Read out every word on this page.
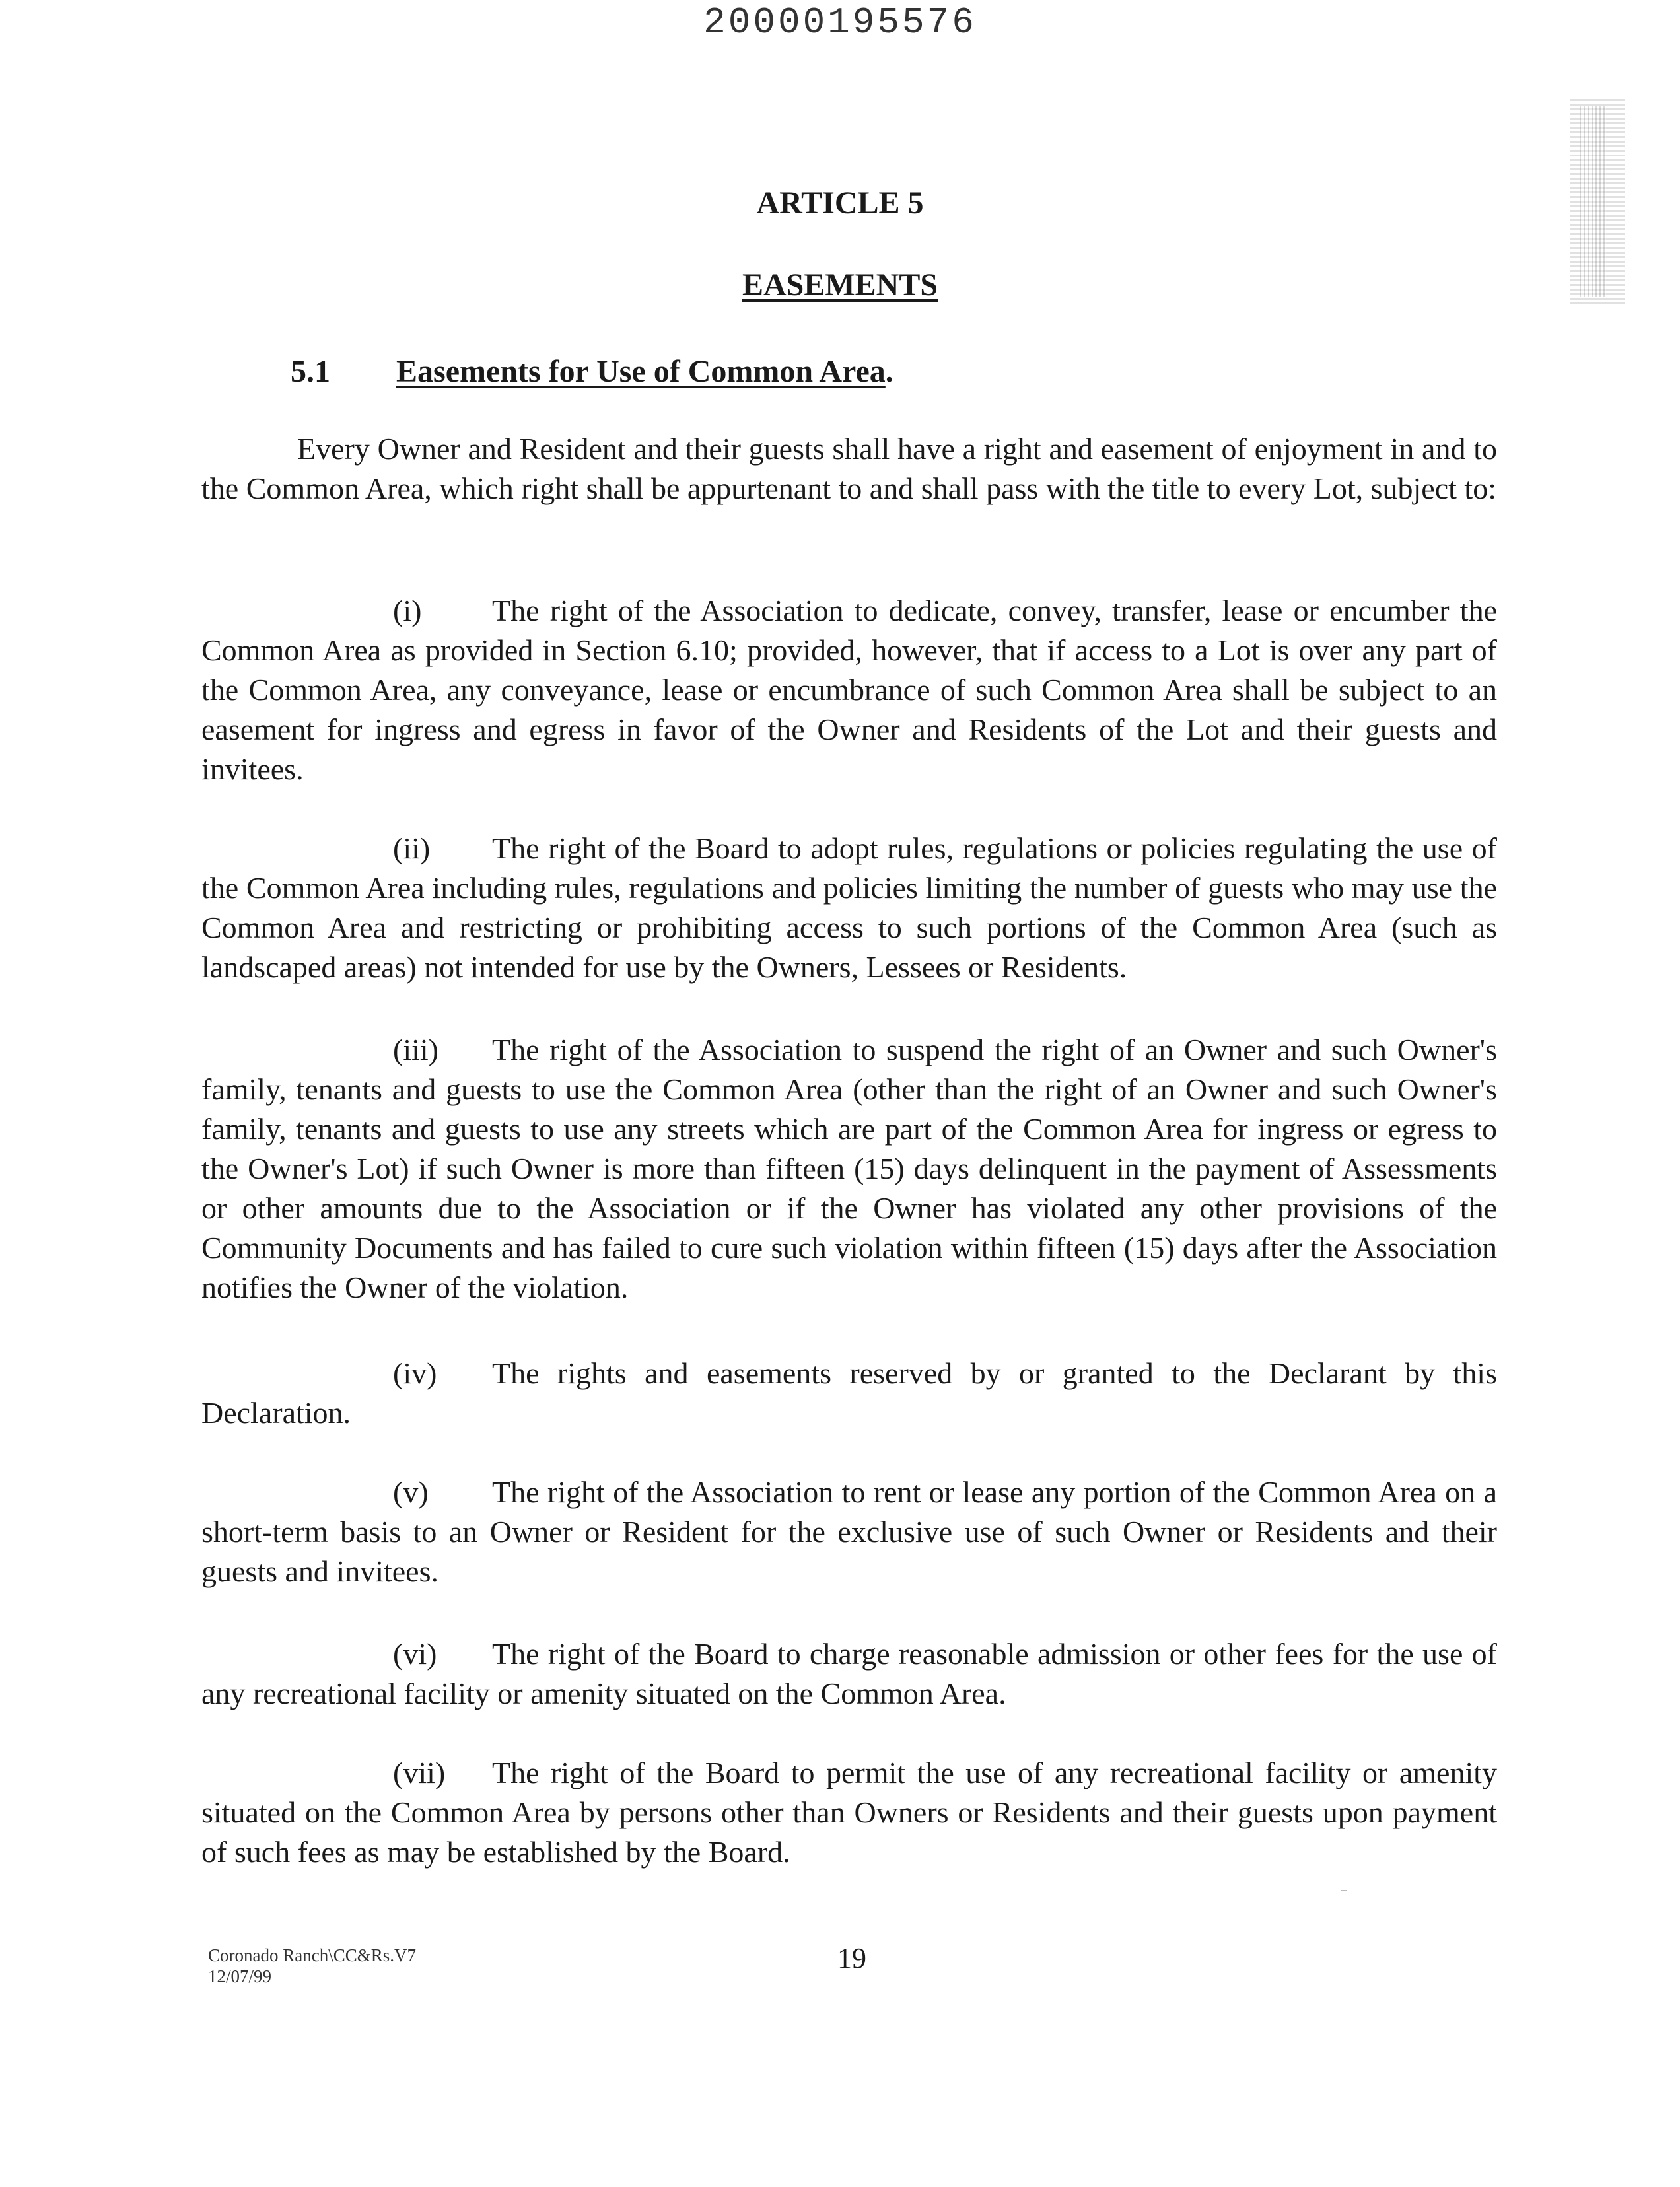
20000195576
ARTICLE 5
EASEMENTS
5.1 Easements for Use of Common Area.

Every Owner and Resident and their guests shall have a right and easement of enjoyment in and to the Common Area, which right shall be appurtenant to and shall pass with the title to every Lot, subject to:

(i) The right of the Association to dedicate, convey, transfer, lease or encumber the Common Area as provided in Section 6.10; provided, however, that if access to a Lot is over any part of the Common Area, any conveyance, lease or encumbrance of such Common Area shall be subject to an easement for ingress and egress in favor of the Owner and Residents of the Lot and their guests and invitees.

(ii) The right of the Board to adopt rules, regulations or policies regulating the use of the Common Area including rules, regulations and policies limiting the number of guests who may use the Common Area and restricting or prohibiting access to such portions of the Common Area (such as landscaped areas) not intended for use by the Owners, Lessees or Residents.

(iii) The right of the Association to suspend the right of an Owner and such Owner's family, tenants and guests to use the Common Area (other than the right of an Owner and such Owner's family, tenants and guests to use any streets which are part of the Common Area for ingress or egress to the Owner's Lot) if such Owner is more than fifteen (15) days delinquent in the payment of Assessments or other amounts due to the Association or if the Owner has violated any other provisions of the Community Documents and has failed to cure such violation within fifteen (15) days after the Association notifies the Owner of the violation.

(iv) The rights and easements reserved by or granted to the Declarant by this Declaration.

(v) The right of the Association to rent or lease any portion of the Common Area on a short-term basis to an Owner or Resident for the exclusive use of such Owner or Residents and their guests and invitees.

(vi) The right of the Board to charge reasonable admission or other fees for the use of any recreational facility or amenity situated on the Common Area.

(vii) The right of the Board to permit the use of any recreational facility or amenity situated on the Common Area by persons other than Owners or Residents and their guests upon payment of such fees as may be established by the Board.

Coronado Ranch\CC&Rs.V7
12/07/99
19
